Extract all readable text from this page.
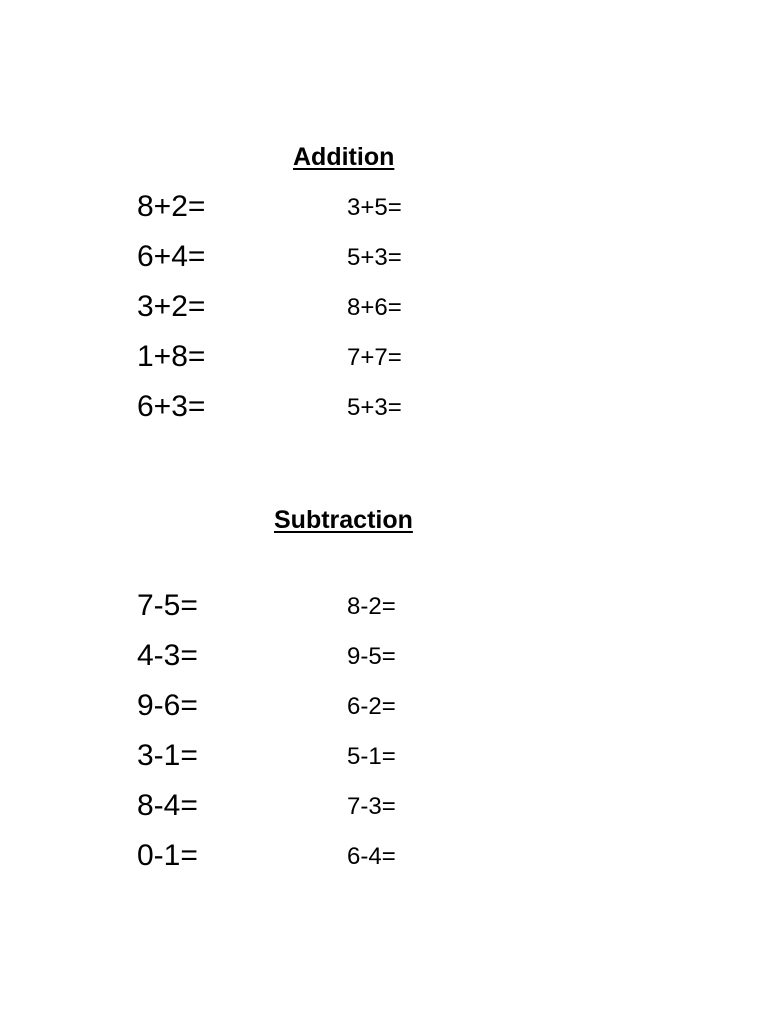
Addition
8+2=
6+4=
3+2=
1+8=
6+3=
3+5=
5+3=
8+6=
7+7=
5+3=
Subtraction
7-5=
4-3=
9-6=
3-1=
8-4=
0-1=
8-2=
9-5=
6-2=
5-1=
7-3=
6-4=
